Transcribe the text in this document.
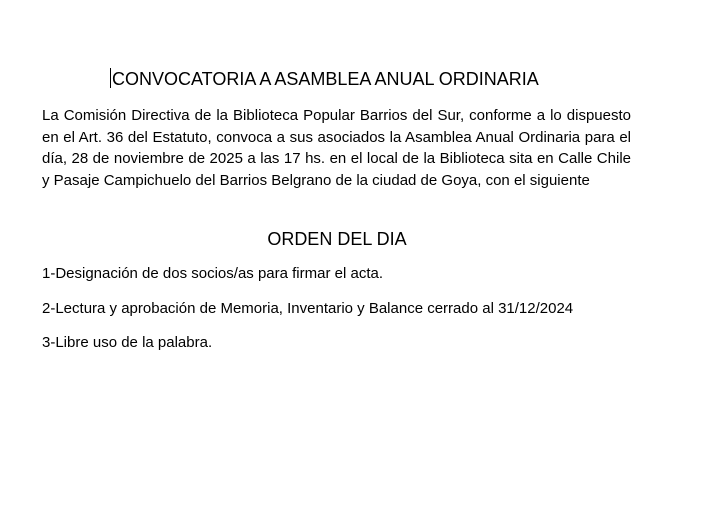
CONVOCATORIA A ASAMBLEA ANUAL ORDINARIA
La Comisión Directiva de la Biblioteca Popular Barrios del Sur, conforme a lo dispuesto en el Art. 36 del Estatuto, convoca a sus asociados la Asamblea Anual Ordinaria para el día, 28 de noviembre de 2025 a las 17 hs. en el local de la Biblioteca sita en Calle Chile y Pasaje Campichuelo del Barrios Belgrano de la ciudad de Goya, con el siguiente
ORDEN DEL DIA
1-Designación de dos socios/as para firmar el acta.
2-Lectura y aprobación de Memoria, Inventario y Balance cerrado al 31/12/2024
3-Libre uso de la palabra.
